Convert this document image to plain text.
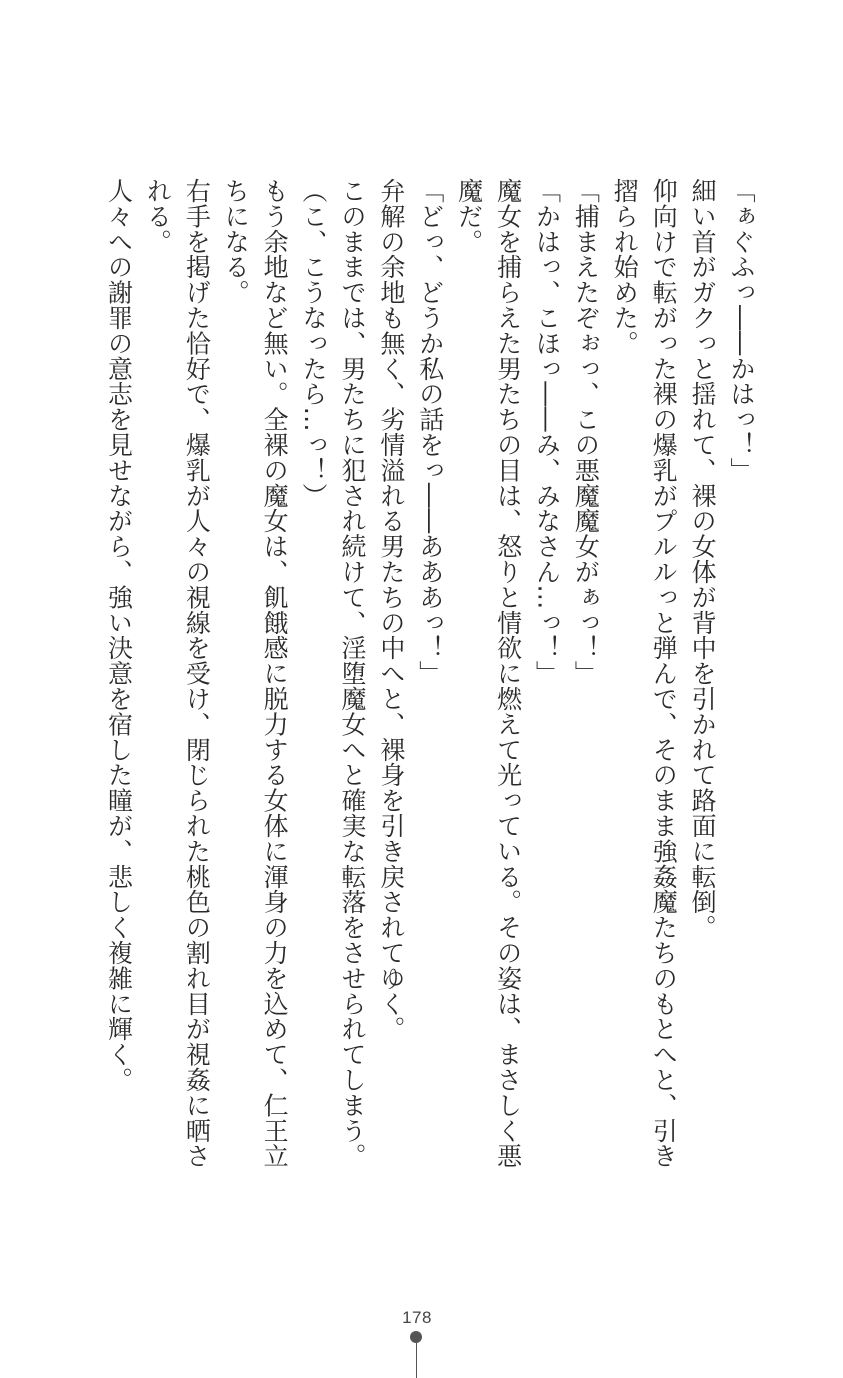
「ぁぐふっ――かはっ！」
細い首がガクっと揺れて、裸の女体が背中を引かれて路面に転倒。
仰向けで転がった裸の爆乳がプルルっと弾んで、そのまま強姦魔たちのもとへと、引き
摺られ始めた。
「捕まえたぞぉっ、この悪魔魔女がぁっ！」
「かはっ、こほっ――み、みなさん…っ！」
魔女を捕らえた男たちの目は、怒りと情欲に燃えて光っている。その姿は、まさしく悪
魔だ。
「どっ、どうか私の話をっ――あああっ！」
弁解の余地も無く、劣情溢れる男たちの中へと、裸身を引き戻されてゆく。
このままでは、男たちに犯され続けて、淫堕魔女へと確実な転落をさせられてしまう。
（こ、こうなったら…っ！）
もう余地など無い。全裸の魔女は、飢餓感に脱力する女体に渾身の力を込めて、仁王立
ちになる。
右手を掲げた恰好で、爆乳が人々の視線を受け、閉じられた桃色の割れ目が視姦に晒さ
れる。
人々への謝罪の意志を見せながら、強い決意を宿した瞳が、悲しく複雑に輝く。
178
